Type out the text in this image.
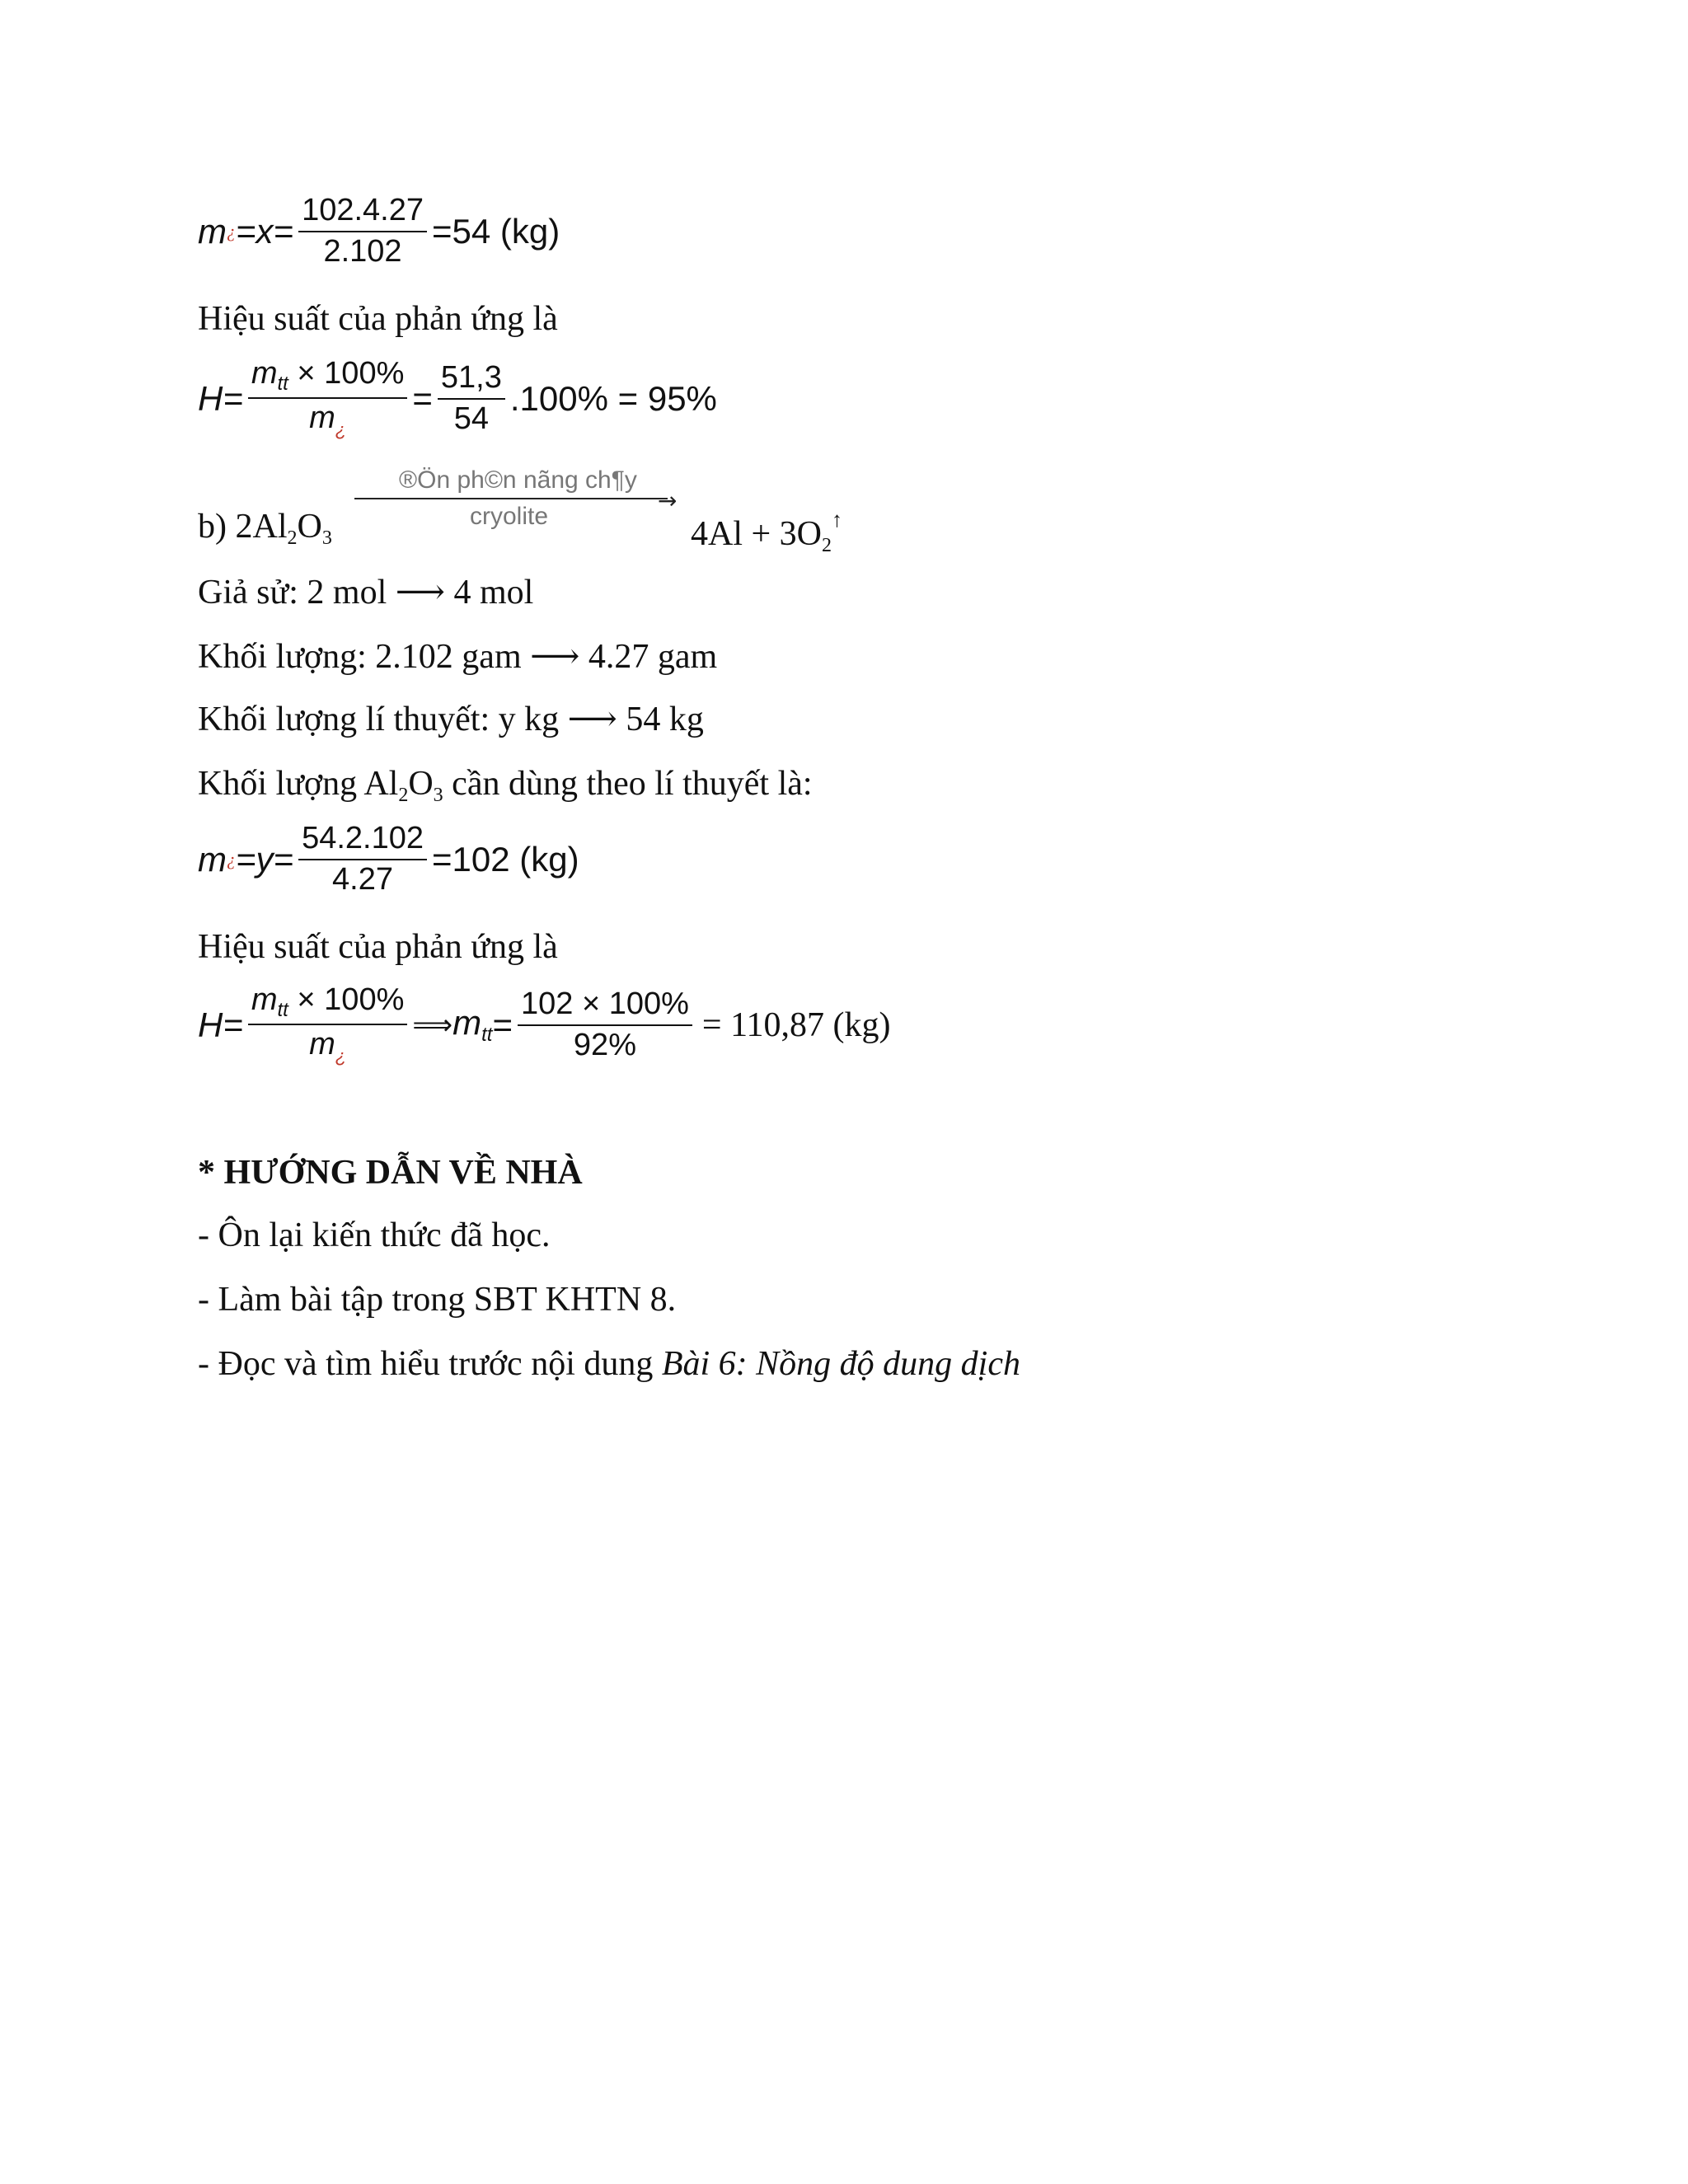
m ¿ $=x= \frac{102.4.27}{2.102} =54$ (kg)
Hiệu suất của phản ứng là
$H= \frac{m_{tt} \times 100\%}{m_¿} = \frac{51,3}{54} .100\% = 95\%$
b) $2Al_2O_3$
®Ön ph©n nãng ch¶y
→
cryolite	$4Al + 3O_2^↑$
Giả sử: 2 mol ⟶ 4 mol
Khối lượng: 2.102 gam ⟶ 4.27 gam
Khối lượng lí thuyết: y kg ⟶ 54 kg
Khối lượng $Al_2O_3$ cần dùng theo lí thuyết là:
m ¿ $=y= \frac{54.2.102}{4.27} =102$ (kg)
Hiệu suất của phản ứng là
$H= \frac{m_{tt} \times 100\%}{m_¿}$ ⟹ $m_{tt} = \frac{102 \times 100\%}{92\%} = 110,87$ (kg)
* HƯỚNG DẪN VỀ NHÀ
- Ôn lại kiến thức đã học.
- Làm bài tập trong SBT KHTN 8.
- Đọc và tìm hiểu trước nội dung Bài 6: Nồng độ dung dịch
